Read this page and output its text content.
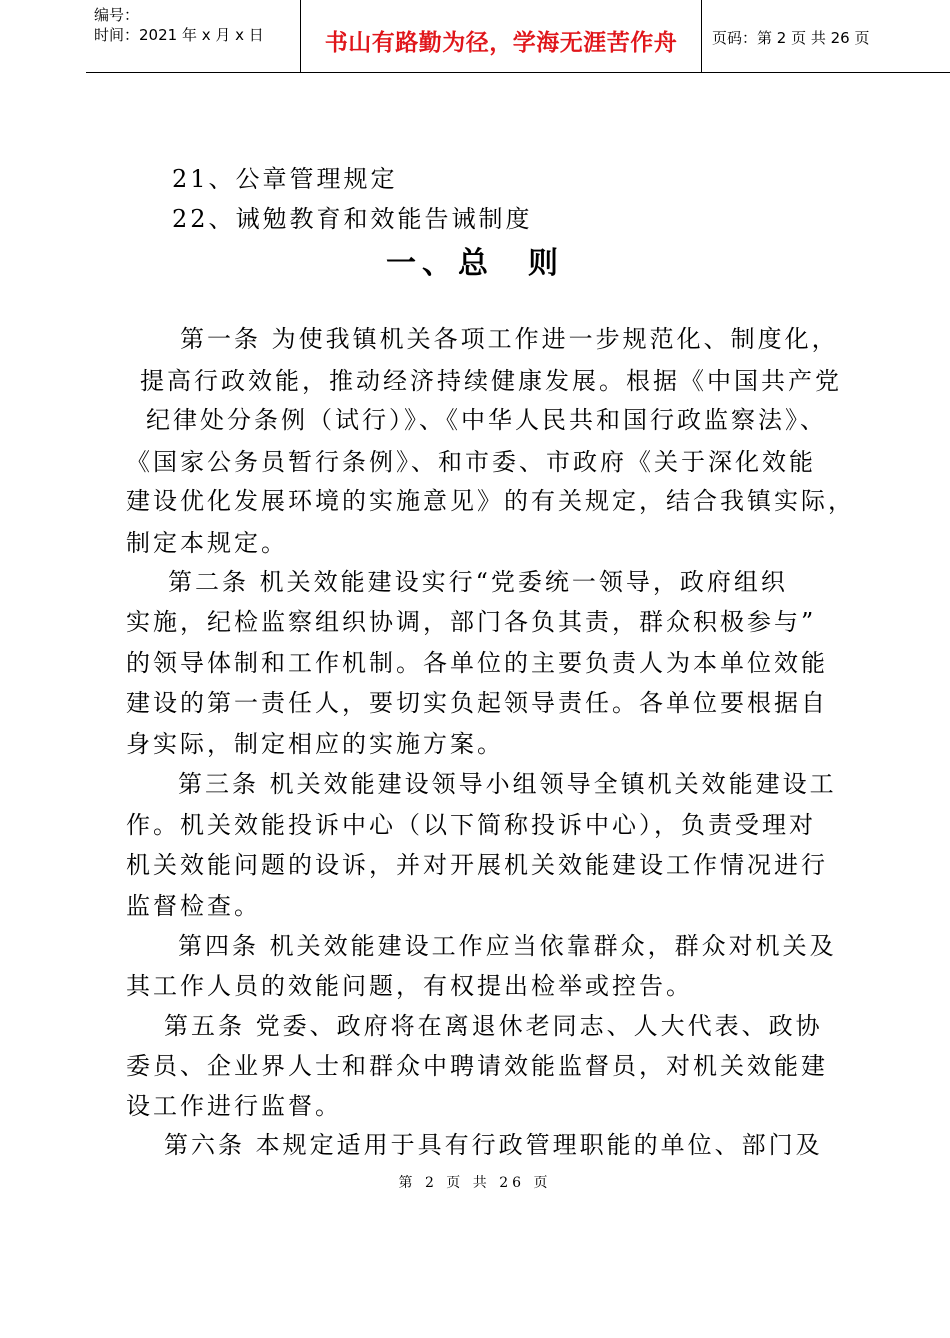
编号：
时间：2021 年 x 月 x 日	书山有路勤为径，学海无涯苦作舟	页码：第 2 页 共 26 页
21、公章管理规定
22、诫勉教育和效能告诫制度
一、总 则
第一条 为使我镇机关各项工作进一步规范化、制度化，
提高行政效能，推动经济持续健康发展。根据《中国共产党
纪律处分条例（试行）》、《中华人民共和国行政监察法》、
《国家公务员暂行条例》、和市委、市政府《关于深化效能
建设优化发展环境的实施意见》的有关规定，结合我镇实际，
制定本规定。
第二条 机关效能建设实行“党委统一领导，政府组织
实施，纪检监察组织协调，部门各负其责，群众积极参与”
的领导体制和工作机制。各单位的主要负责人为本单位效能
建设的第一责任人，要切实负起领导责任。各单位要根据自
身实际，制定相应的实施方案。
第三条 机关效能建设领导小组领导全镇机关效能建设工
作。机关效能投诉中心（以下简称投诉中心），负责受理对
机关效能问题的设诉，并对开展机关效能建设工作情况进行
监督检查。
第四条 机关效能建设工作应当依靠群众，群众对机关及
其工作人员的效能问题，有权提出检举或控告。
第五条 党委、政府将在离退休老同志、人大代表、政协
委员、企业界人士和群众中聘请效能监督员，对机关效能建
设工作进行监督。
第六条 本规定适用于具有行政管理职能的单位、部门及
第 2 页 共 26 页
